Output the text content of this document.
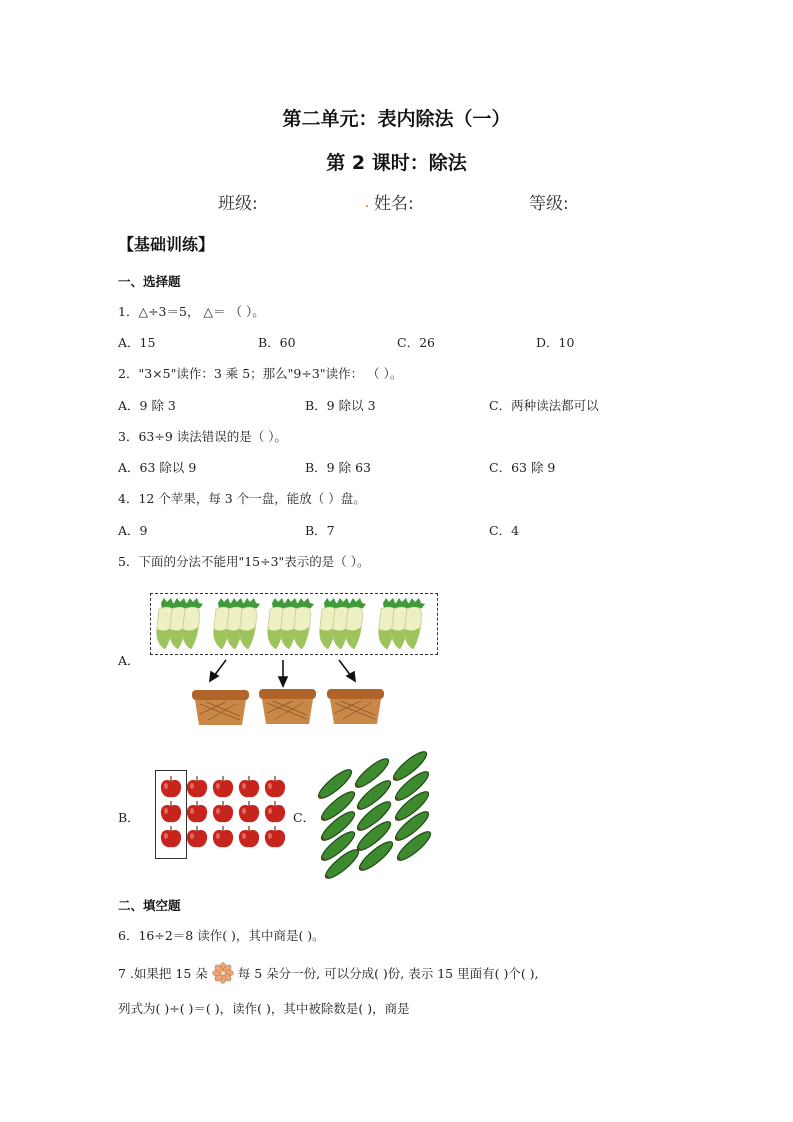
第二单元：表内除法（一）
第 2 课时：除法
班级:	姓名:	等级:
【基础训练】
一、选择题
1．△÷3＝5， △＝ （ ）。
A．15	B．60	C．26	D．10
2．"3×5"读作：3 乘 5；那么"9÷3"读作： （ ）。
A．9 除 3	B．9 除以 3	C．两种读法都可以
3．63÷9 读法错误的是（ ）。
A．63 除以 9	B．9 除 63	C．63 除 9
4．12 个苹果，每 3 个一盘，能放（ ）盘。
A．9	B．7	C．4
5．下面的分法不能用"15÷3"表示的是（ ）。
A．
B．	C．
二、填空题
6．16÷2＝8 读作( )，其中商是( )。
7 .如果把 15 朵 每 5 朵分一份, 可以分成( )份, 表示 15 里面有( )个( ),
列式为( )÷( )＝( )，读作( )，其中被除数是( )，商是
